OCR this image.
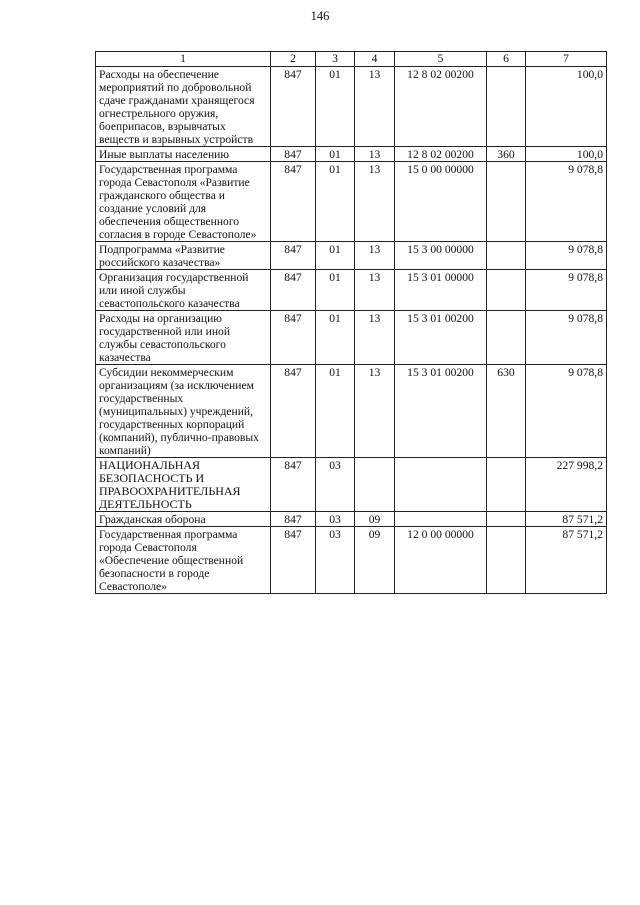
146
1	2	3	4	5	6	7
Расходы на обеспечение мероприятий по добровольной сдаче гражданами хранящегося огнестрельного оружия, боеприпасов, взрывчатых веществ и взрывных устройств	847	01	13	12 8 02 00200		100,0
Иные выплаты населению	847	01	13	12 8 02 00200	360	100,0
Государственная программа города Севастополя «Развитие гражданского общества и создание условий для обеспечения общественного согласия в городе Севастополе»	847	01	13	15 0 00 00000		9 078,8
Подпрограмма «Развитие российского казачества»	847	01	13	15 3 00 00000		9 078,8
Организация государственной или иной службы севастопольского казачества	847	01	13	15 3 01 00000		9 078,8
Расходы на организацию государственной или иной службы севастопольского казачества	847	01	13	15 3 01 00200		9 078,8
Субсидии некоммерческим организациям (за исключением государственных (муниципальных) учреждений, государственных корпораций (компаний), публично-правовых компаний)	847	01	13	15 3 01 00200	630	9 078,8
НАЦИОНАЛЬНАЯ БЕЗОПАСНОСТЬ И ПРАВООХРАНИТЕЛЬНАЯ ДЕЯТЕЛЬНОСТЬ	847	03				227 998,2
Гражданская оборона	847	03	09			87 571,2
Государственная программа города Севастополя «Обеспечение общественной безопасности в городе Севастополе»	847	03	09	12 0 00 00000		87 571,2
